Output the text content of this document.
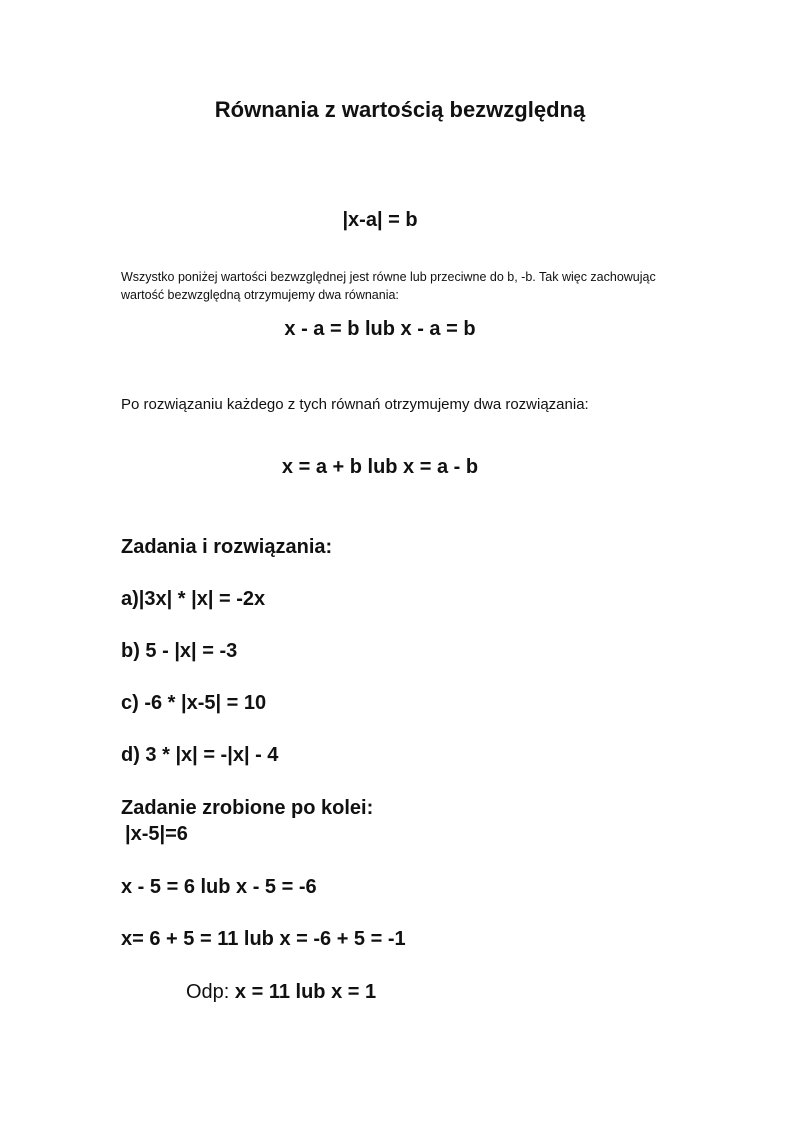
Równania z wartością bezwzględną
|x-a| = b
Wszystko poniżej wartości bezwzględnej jest równe lub przeciwne do b, -b. Tak więc zachowując wartość bezwzględną otrzymujemy dwa równania:
x - a = b lub x - a = b
Po rozwiązaniu każdego z tych równań otrzymujemy dwa rozwiązania:
x = a + b lub x = a - b
Zadania i rozwiązania:
a)|3x| * |x| = -2x
b) 5 - |x| = -3
c) -6 * |x-5| = 10
d) 3 * |x| = -|x| - 4
Zadanie zrobione po kolei:
|x-5|=6
x - 5 = 6 lub x - 5 = -6
x= 6 + 5 = 11 lub x = -6 + 5 = -1
Odp: x = 11 lub x = 1
